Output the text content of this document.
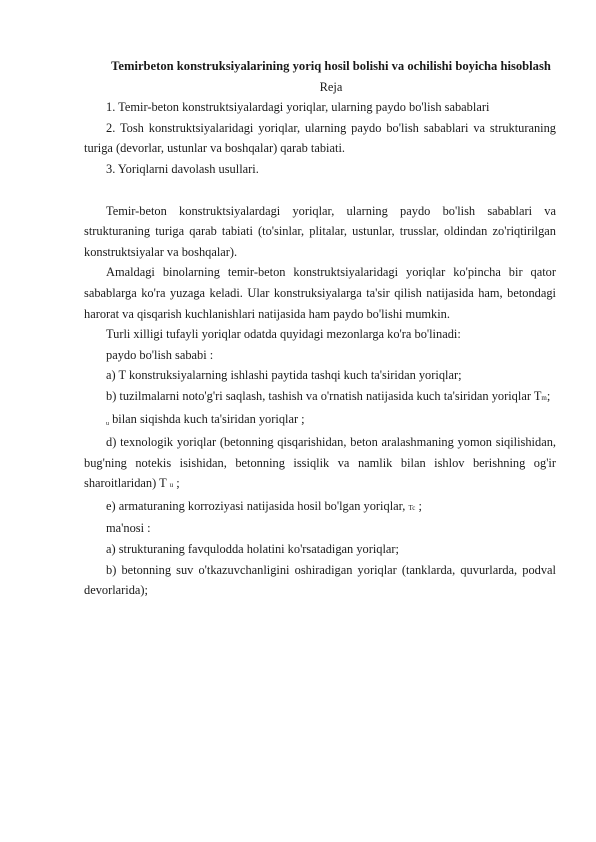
Temirbeton konstruksiyalarining yoriq hosil bolishi va ochilishi boyicha hisoblash
Reja

1. Temir-beton konstruktsiyalardagi yoriqlar, ularning paydo bo'lish sabablari

2. Tosh konstruktsiyalaridagi yoriqlar, ularning paydo bo'lish sabablari va strukturaning turiga (devorlar, ustunlar va boshqalar) qarab tabiati.

3. Yoriqlarni davolash usullari.

Temir-beton konstruktsiyalardagi yoriqlar, ularning paydo bo'lish sabablari va strukturaning turiga qarab tabiati (to'sinlar, plitalar, ustunlar, trusslar, oldindan zo'riqtirilgan konstruktsiyalar va boshqalar).

Amaldagi binolarning temir-beton konstruktsiyalaridagi yoriqlar ko'pincha bir qator sabablarga ko'ra yuzaga keladi. Ular konstruksiyalarga ta'sir qilish natijasida ham, betondagi harorat va qisqarish kuchlanishlari natijasida ham paydo bo'lishi mumkin.

Turli xilligi tufayli yoriqlar odatda quyidagi mezonlarga ko'ra bo'linadi:

paydo bo'lish sababi :

a) T konstruksiyalarning ishlashi paytida tashqi kuch ta'siridan yoriqlar;

b) tuzilmalarni noto'g'ri saqlash, tashish va o'rnatish natijasida kuch ta'siridan yoriqlar Tm;

u bilan siqishda kuch ta'siridan yoriqlar ;

d) texnologik yoriqlar (betonning qisqarishidan, beton aralashmaning yomon siqilishidan, bug'ning notekis isishidan, betonning issiqlik va namlik bilan ishlov berishning og'ir sharoitlaridan) T u ;

e) armaturaning korroziyasi natijasida hosil bo'lgan yoriqlar, Tc ;

ma'nosi :

a) strukturaning favqulodda holatini ko'rsatadigan yoriqlar;

b) betonning suv o'tkazuvchanligini oshiradigan yoriqlar (tanklarda, quvurlarda, podval devorlarida);
